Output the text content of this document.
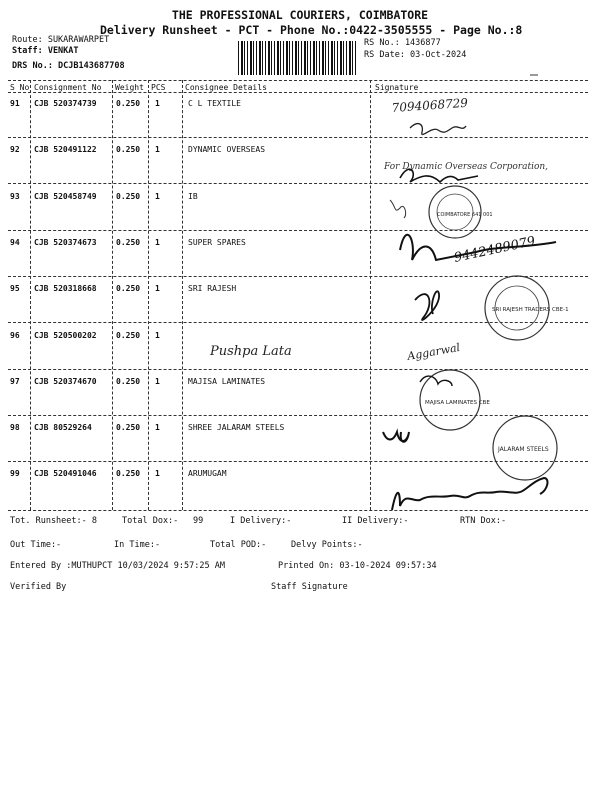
THE PROFESSIONAL COURIERS, COIMBATORE
Delivery Runsheet - PCT - Phone No.:0422-3505555 - Page No.:8
Route: SUKARAWARPET
Staff: VENKAT
DRS No.: DCJB143687708
RS No.: 1436877
RS Date: 03-Oct-2024
S No Consignment No Weight PCS Consignee Details	Signature
91 CJB 520374739 0.250 1	C L TEXTILE
92 CJB 520491122 0.250 1	DYNAMIC OVERSEAS
93 CJB 520458749 0.250 1	IB
94 CJB 520374673 0.250 1	SUPER SPARES
95 CJB 520318668 0.250 1	SRI RAJESH
96 CJB 520500202 0.250 1
97 CJB 520374670 0.250 1	MAJISA LAMINATES
98 CJB 80529264	0.250 1	SHREE JALARAM STEELS
99 CJB 520491046 0.250 1	ARUMUGAM
7094068729
For Dynamic Overseas Corporation,
COIMBATORE 641 001
9442489079
SRI RAJESH TRADERS CBE-1
Pushpa Lata	Aggarwal
MAJISA LAMINATES CBE
JALARAM STEELS
Tot. Runsheet:- 8	Total Dox:- 99	I Delivery:-	II Delivery:-	RTN Dox:-
Out Time:-	In Time:-	Total POD:-	Delvy Points:-
Entered By :MUTHUPCT 10/03/2024 9:57:25 AM	Printed On: 03-10-2024 09:57:34
Verified By	Staff Signature
